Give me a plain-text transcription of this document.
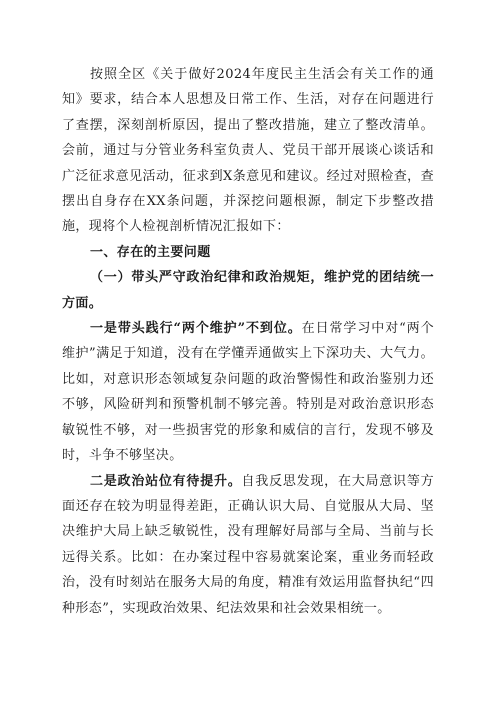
按照全区《关于做好2024年度民主生活会有关工作的通知》要求，结合本人思想及日常工作、生活，对存在问题进行了查摆，深刻剖析原因，提出了整改措施，建立了整改清单。会前，通过与分管业务科室负责人、党员干部开展谈心谈话和广泛征求意见活动，征求到X条意见和建议。经过对照检查，查摆出自身存在XX条问题，并深挖问题根源，制定下步整改措施，现将个人检视剖析情况汇报如下：

一、存在的主要问题

（一）带头严守政治纪律和政治规矩，维护党的团结统一方面。

一是带头践行“两个维护”不到位。在日常学习中对“两个维护”满足于知道，没有在学懂弄通做实上下深功夫、大气力。比如，对意识形态领域复杂问题的政治警惕性和政治鉴别力还不够，风险研判和预警机制不够完善。特别是对政治意识形态敏锐性不够，对一些损害党的形象和威信的言行，发现不够及时，斗争不够坚决。

二是政治站位有待提升。自我反思发现，在大局意识等方面还存在较为明显得差距，正确认识大局、自觉服从大局、坚决维护大局上缺乏敏锐性，没有理解好局部与全局、当前与长远得关系。比如：在办案过程中容易就案论案，重业务而轻政治，没有时刻站在服务大局的角度，精准有效运用监督执纪“四种形态”，实现政治效果、纪法效果和社会效果相统一。
